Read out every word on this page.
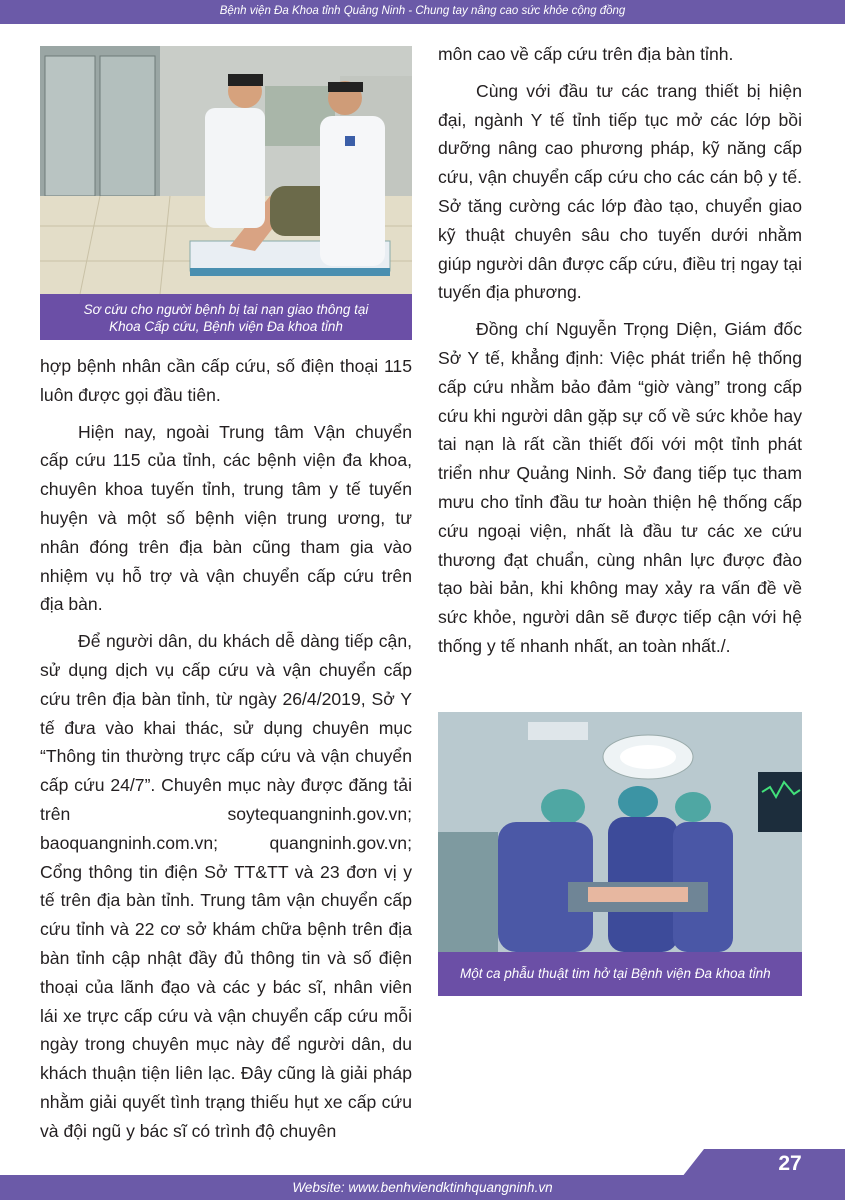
Bệnh viện Đa Khoa tỉnh Quảng Ninh - Chung tay nâng cao sức khỏe cộng đồng
Sơ cứu cho người bệnh bị tai nạn giao thông tại
Khoa Cấp cứu, Bệnh viện Đa khoa tỉnh

hợp bệnh nhân cần cấp cứu, số điện thoại 115 luôn được gọi đầu tiên.

Hiện nay, ngoài Trung tâm Vận chuyển cấp cứu 115 của tỉnh, các bệnh viện đa khoa, chuyên khoa tuyến tỉnh, trung tâm y tế tuyến huyện và một số bệnh viện trung ương, tư nhân đóng trên địa bàn cũng tham gia vào nhiệm vụ hỗ trợ và vận chuyển cấp cứu trên địa bàn.

Để người dân, du khách dễ dàng tiếp cận, sử dụng dịch vụ cấp cứu và vận chuyển cấp cứu trên địa bàn tỉnh, từ ngày 26/4/2019, Sở Y tế đưa vào khai thác, sử dụng chuyên mục “Thông tin thường trực cấp cứu và vận chuyển cấp cứu 24/7”. Chuyên mục này được đăng tải trên soytequangninh.gov.vn; baoquangninh.com.vn; quangninh.gov.vn; Cổng thông tin điện Sở TT&TT và 23 đơn vị y tế trên địa bàn tỉnh. Trung tâm vận chuyển cấp cứu tỉnh và 22 cơ sở khám chữa bệnh trên địa bàn tỉnh cập nhật đầy đủ thông tin và số điện thoại của lãnh đạo và các y bác sĩ, nhân viên lái xe trực cấp cứu và vận chuyển cấp cứu mỗi ngày trong chuyên mục này để người dân, du khách thuận tiện liên lạc. Đây cũng là giải pháp nhằm giải quyết tình trạng thiếu hụt xe cấp cứu và đội ngũ y bác sĩ có trình độ chuyên

môn cao về cấp cứu trên địa bàn tỉnh.

Cùng với đầu tư các trang thiết bị hiện đại, ngành Y tế tỉnh tiếp tục mở các lớp bồi dưỡng nâng cao phương pháp, kỹ năng cấp cứu, vận chuyển cấp cứu cho các cán bộ y tế. Sở tăng cường các lớp đào tạo, chuyển giao kỹ thuật chuyên sâu cho tuyến dưới nhằm giúp người dân được cấp cứu, điều trị ngay tại tuyến địa phương.

Đồng chí Nguyễn Trọng Diện, Giám đốc Sở Y tế, khẳng định: Việc phát triển hệ thống cấp cứu nhằm bảo đảm “giờ vàng” trong cấp cứu khi người dân gặp sự cố về sức khỏe hay tai nạn là rất cần thiết đối với một tỉnh phát triển như Quảng Ninh. Sở đang tiếp tục tham mưu cho tỉnh đầu tư hoàn thiện hệ thống cấp cứu ngoại viện, nhất là đầu tư các xe cứu thương đạt chuẩn, cùng nhân lực được đào tạo bài bản, khi không may xảy ra vấn đề về sức khỏe, người dân sẽ được tiếp cận với hệ thống y tế nhanh nhất, an toàn nhất./.

Một ca phẫu thuật tim hở tại Bệnh viện Đa khoa tỉnh
27
Website: www.benhviendktinhquangninh.vn
